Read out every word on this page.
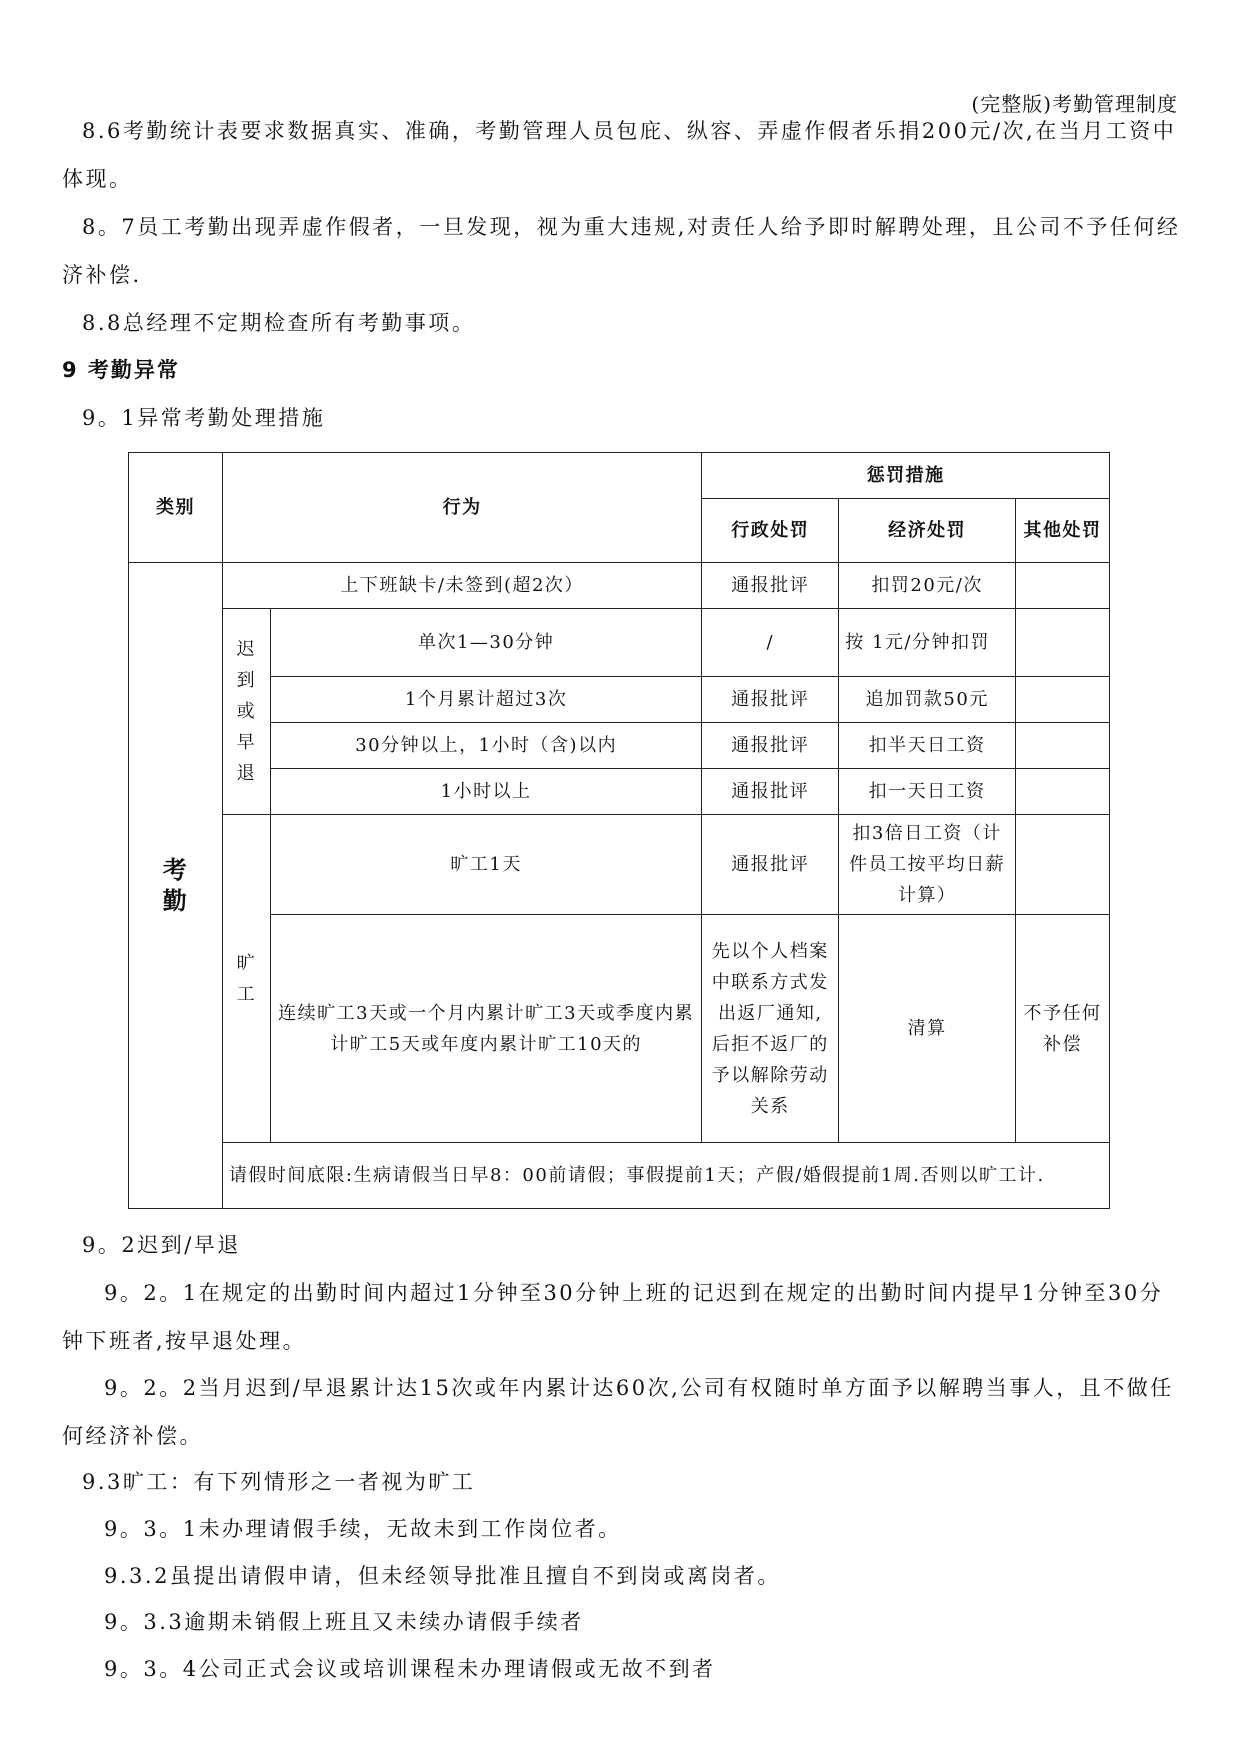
(完整版)考勤管理制度

8.6考勤统计表要求数据真实、准确，考勤管理人员包庇、纵容、弄虚作假者乐捐200元/次,在当月工资中体现。

8。7员工考勤出现弄虚作假者，一旦发现，视为重大违规,对责任人给予即时解聘处理，且公司不予任何经济补偿.

8.8总经理不定期检查所有考勤事项。

9 考勤异常

9。1异常考勤处理措施

类别	行为		惩罚措施		
			行政处罚	经济处罚	其他处罚
考勤	上下班缺卡/未签到(超2次）		通报批评	扣罚20元/次	
	迟到或早退	单次1—30分钟	/	按 1元/分钟扣罚	
		1个月累计超过3次	通报批评	追加罚款50元	
		30分钟以上，1小时（含)以内	通报批评	扣半天日工资	
		1小时以上	通报批评	扣一天日工资	
	旷工	旷工1天	通报批评	扣3倍日工资（计件员工按平均日薪计算）	
		连续旷工3天或一个月内累计旷工3天或季度内累计旷工5天或年度内累计旷工10天的	先以个人档案中联系方式发出返厂通知,后拒不返厂的予以解除劳动关系	清算	不予任何补偿
	请假时间底限:生病请假当日早8：00前请假；事假提前1天；产假/婚假提前1周.否则以旷工计.				

9。2迟到/早退

9。2。1在规定的出勤时间内超过1分钟至30分钟上班的记迟到在规定的出勤时间内提早1分钟至30分钟下班者,按早退处理。

9。2。2当月迟到/早退累计达15次或年内累计达60次,公司有权随时单方面予以解聘当事人，且不做任何经济补偿。

9.3旷工：有下列情形之一者视为旷工

9。3。1未办理请假手续，无故未到工作岗位者。

9.3.2虽提出请假申请，但未经领导批准且擅自不到岗或离岗者。

9。3.3逾期未销假上班且又未续办请假手续者

9。3。4公司正式会议或培训课程未办理请假或无故不到者
